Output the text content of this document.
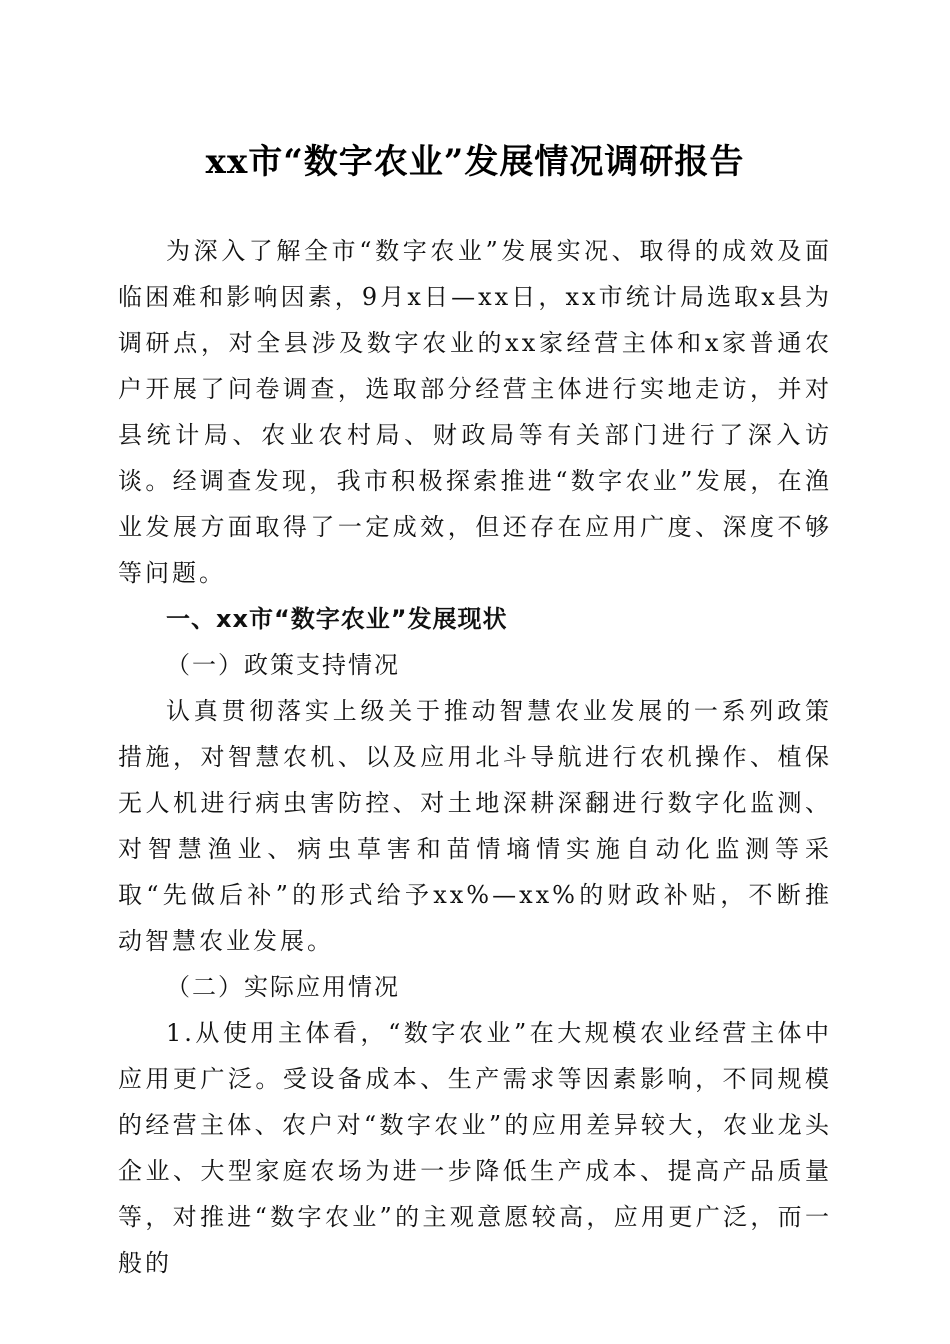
xx市“数字农业”发展情况调研报告

为深入了解全市“数字农业”发展实况、取得的成效及面临困难和影响因素，9月x日—xx日，xx市统计局选取x县为调研点，对全县涉及数字农业的xx家经营主体和x家普通农户开展了问卷调查，选取部分经营主体进行实地走访，并对县统计局、农业农村局、财政局等有关部门进行了深入访谈。经调查发现，我市积极探索推进“数字农业”发展，在渔业发展方面取得了一定成效，但还存在应用广度、深度不够等问题。

一、xx市“数字农业”发展现状

（一）政策支持情况

认真贯彻落实上级关于推动智慧农业发展的一系列政策措施，对智慧农机、以及应用北斗导航进行农机操作、植保无人机进行病虫害防控、对土地深耕深翻进行数字化监测、对智慧渔业、病虫草害和苗情墒情实施自动化监测等采取“先做后补”的形式给予xx%—xx%的财政补贴，不断推动智慧农业发展。

（二）实际应用情况

1.从使用主体看，“数字农业”在大规模农业经营主体中应用更广泛。受设备成本、生产需求等因素影响，不同规模的经营主体、农户对“数字农业”的应用差异较大，农业龙头企业、大型家庭农场为进一步降低生产成本、提高产品质量等，对推进“数字农业”的主观意愿较高，应用更广泛，而一般的
